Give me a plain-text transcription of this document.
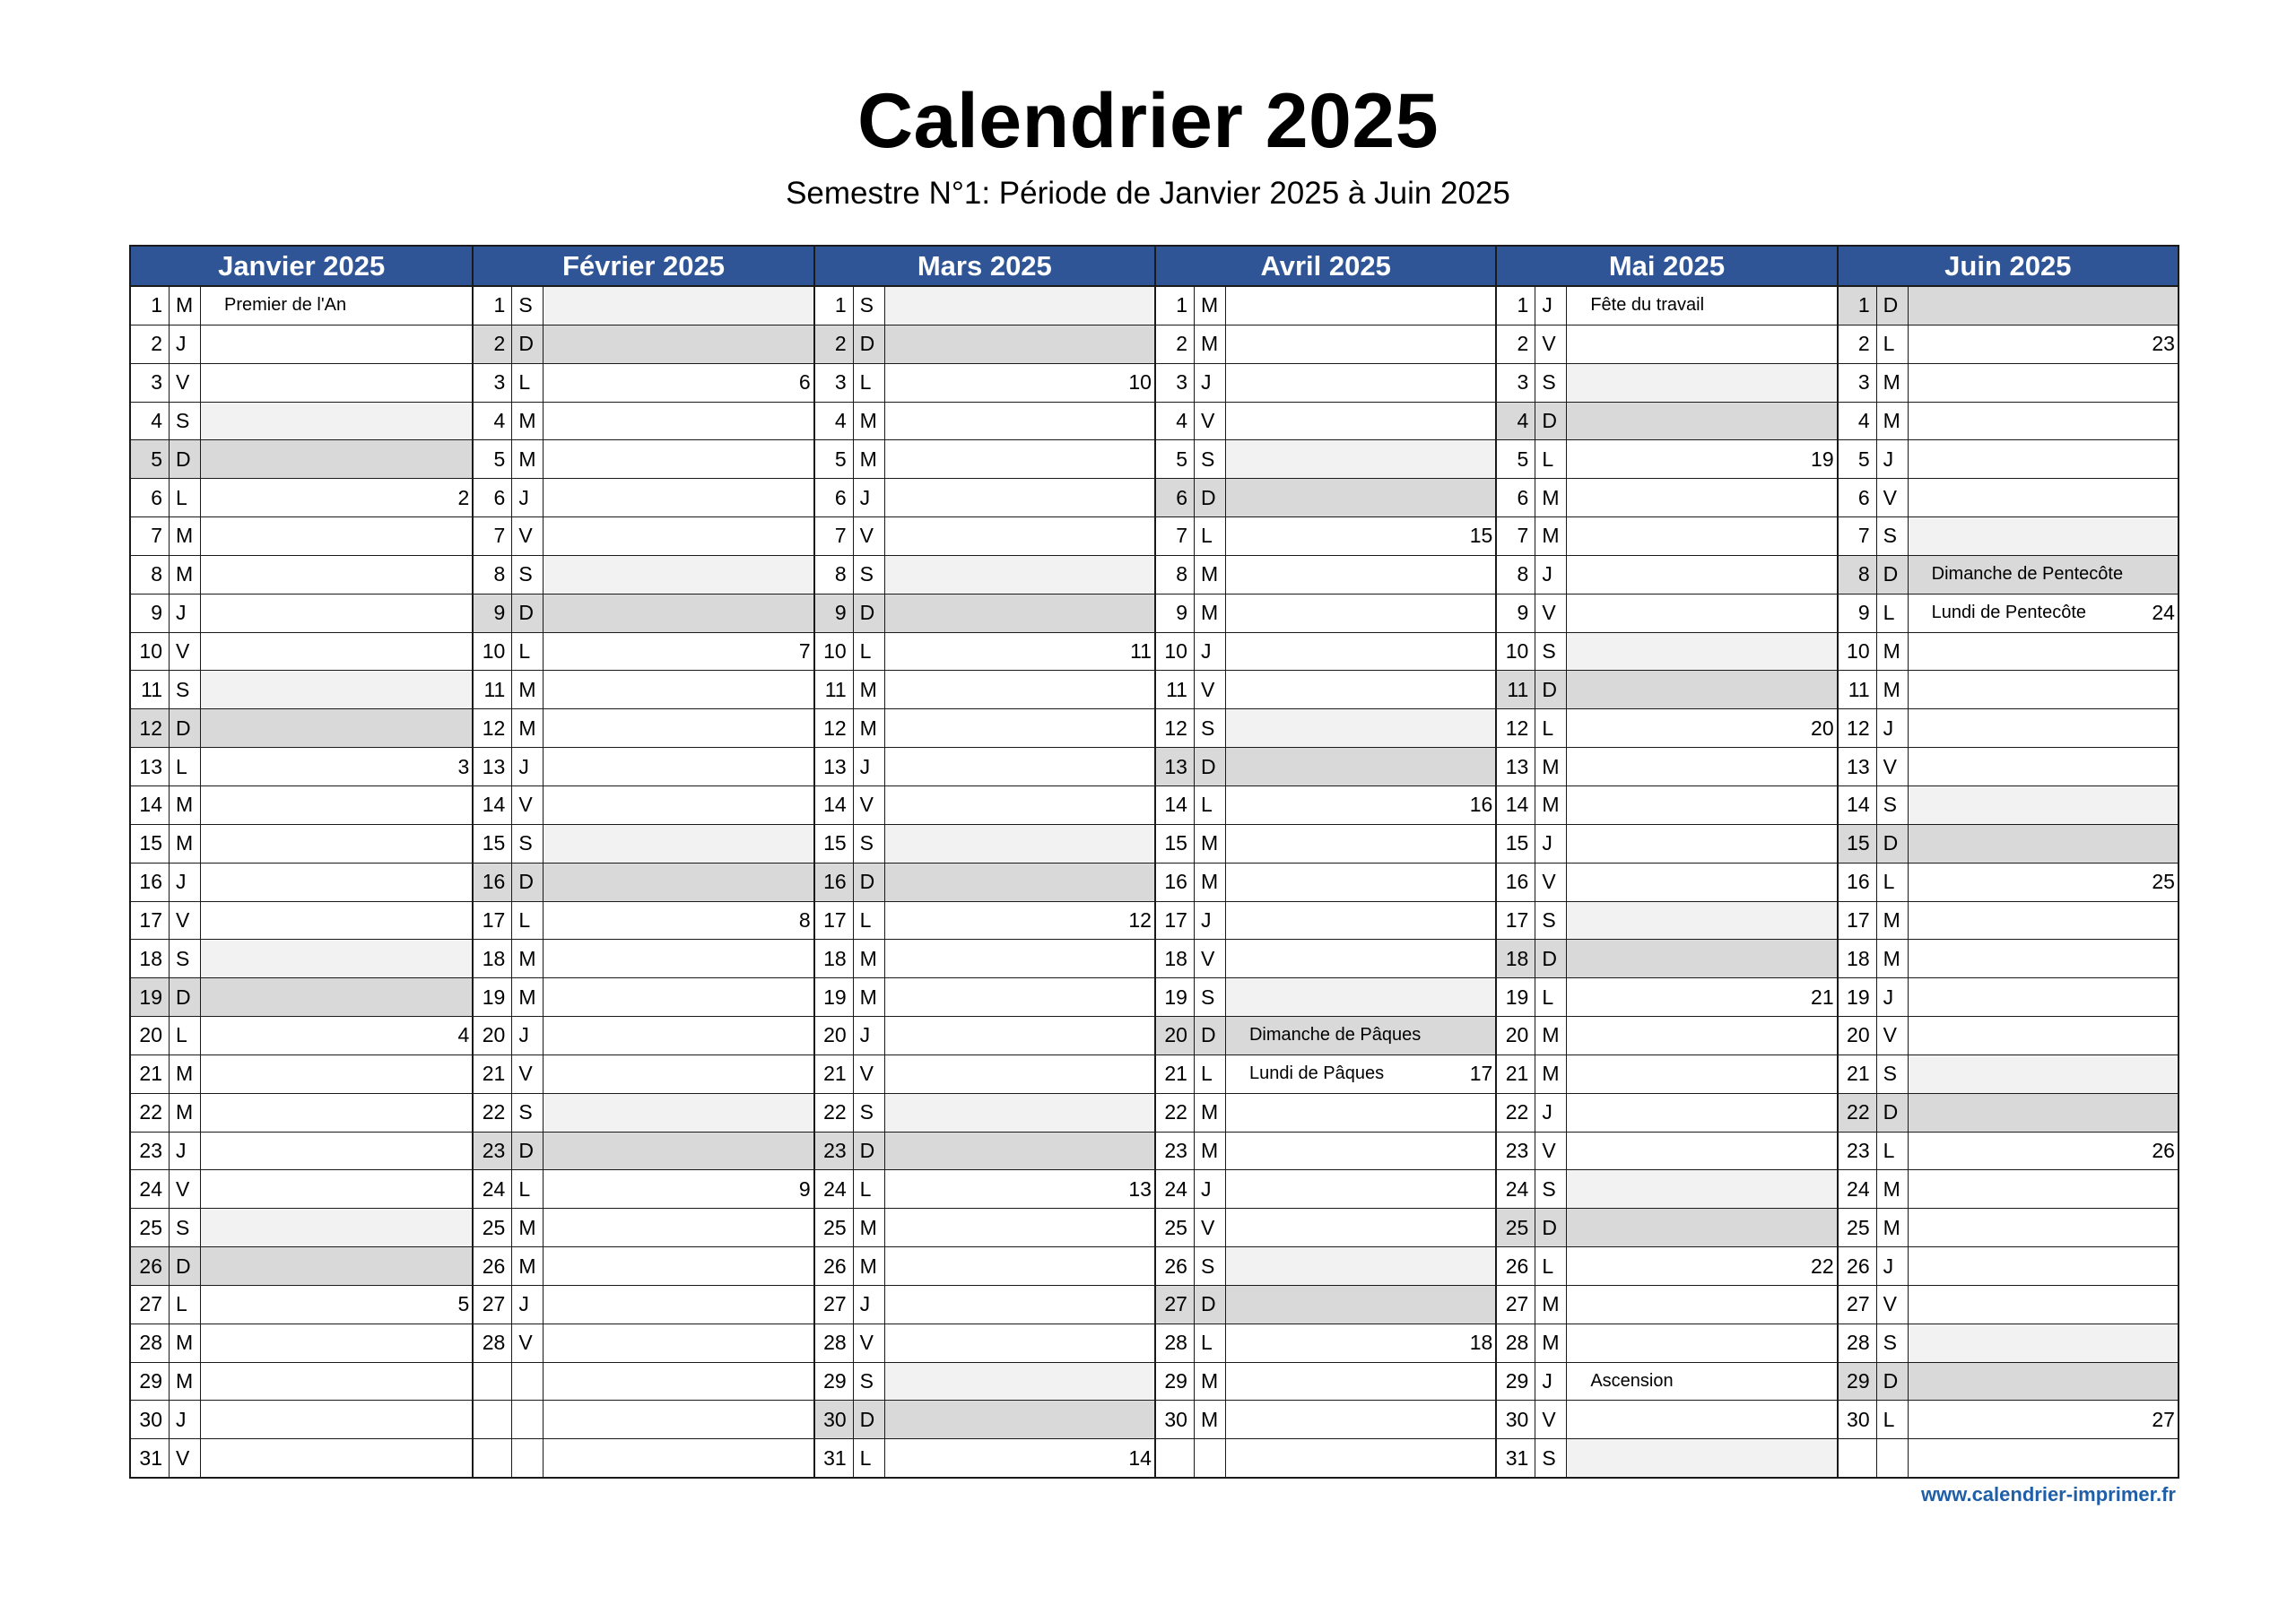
Calendrier 2025
Semestre N°1: Période de Janvier 2025 à Juin 2025
Janvier 2025
1 M	Premier de l'An
2 J
3 V
4 S
5 D
6 L	2
7 M
8 M
9 J
10 V
11 S
12 D
13 L	3
14 M
15 M
16 J
17 V
18 S
19 D
20 L	4
21 M
22 M
23 J
24 V
25 S
26 D
27 L	5
28 M
29 M
30 J
31 V
Février 2025
1 S
2 D
3 L	6
4 M
5 M
6 J
7 V
8 S
9 D
10 L	7
11 M
12 M
13 J
14 V
15 S
16 D
17 L	8
18 M
19 M
20 J
21 V
22 S
23 D
24 L	9
25 M
26 M
27 J
28 V
Mars 2025
1 S
2 D
3 L	10
4 M
5 M
6 J
7 V
8 S
9 D
10 L	11
11 M
12 M
13 J
14 V
15 S
16 D
17 L	12
18 M
19 M
20 J
21 V
22 S
23 D
24 L	13
25 M
26 M
27 J
28 V
29 S
30 D
31 L	14
Avril 2025
1 M
2 M
3 J
4 V
5 S
6 D
7 L	15
8 M
9 M
10 J
11 V
12 S
13 D
14 L	16
15 M
16 M
17 J
18 V
19 S
20 D	Dimanche de Pâques
21 L	Lundi de Pâques	17
22 M
23 M
24 J
25 V
26 S
27 D
28 L	18
29 M
30 M
Mai 2025
1 J	Fête du travail
2 V
3 S
4 D
5 L	19
6 M
7 M
8 J
9 V
10 S
11 D
12 L	20
13 M
14 M
15 J
16 V
17 S
18 D
19 L	21
20 M
21 M
22 J
23 V
24 S
25 D
26 L	22
27 M
28 M
29 J	Ascension
30 V
31 S
Juin 2025
1 D
2 L	23
3 M
4 M
5 J
6 V
7 S
8 D	Dimanche de Pentecôte
9 L	Lundi de Pentecôte	24
10 M
11 M
12 J
13 V
14 S
15 D
16 L	25
17 M
18 M
19 J
20 V
21 S
22 D
23 L	26
24 M
25 M
26 J
27 V
28 S
29 D
30 L	27
www.calendrier-imprimer.fr
